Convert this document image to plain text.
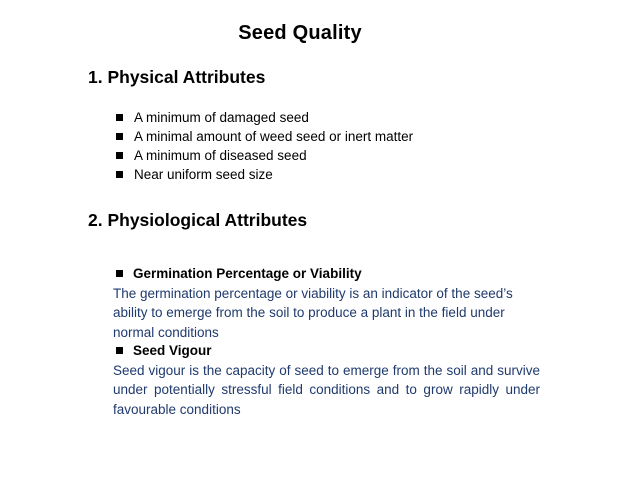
Seed Quality
1. Physical Attributes
A minimum of damaged seed
A minimal amount of weed seed or inert matter
A minimum of diseased seed
Near uniform seed size
2. Physiological Attributes
Germination Percentage or Viability
The germination percentage or viability is an indicator of the seed’s ability to emerge from the soil to produce a plant in the field under normal conditions
Seed Vigour
Seed vigour is the capacity of seed to emerge from the soil and survive under potentially stressful field conditions and to grow rapidly under favourable conditions
